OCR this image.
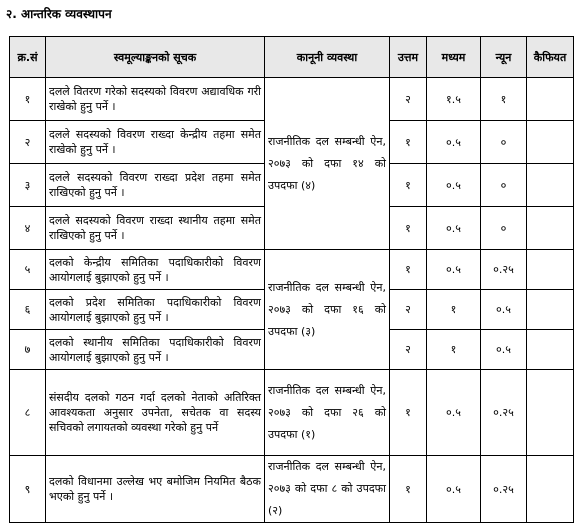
२. आन्तरिक व्यवस्थापन
क्र.सं	स्वमूल्याङ्कनको सूचक	कानूनी व्यवस्था	उत्तम	मध्यम	न्यून	कैफियत
१	दलले वितरण गरेको सदस्यको विवरण अद्यावधिक गरी राखेको हुनु पर्ने ।	राजनीतिक दल सम्बन्धी ऐन, २०७३ को दफा १४ को उपदफा (४)	२	१.५	१	
२	दलले सदस्यको विवरण राख्दा केन्द्रीय तहमा समेत राखेको हुनु पर्ने ।		१	०.५	०	
३	दलले सदस्यको विवरण राख्दा प्रदेश तहमा समेत राखिएको हुनु पर्ने ।		१	०.५	०	
४	दलले सदस्यको विवरण राख्दा स्थानीय तहमा समेत राखिएको हुनु पर्ने ।		१	०.५	०	
५	दलको केन्द्रीय समितिका पदाधिकारीको विवरण आयोगलाई बुझाएको हुनु पर्ने ।	राजनीतिक दल सम्बन्धी ऐन, २०७३ को दफा १६ को उपदफा (३)	१	०.५	०.२५	
६	दलको प्रदेश समितिका पदाधिकारीको विवरण आयोगलाई बुझाएको हुनु पर्ने ।		२	१	०.५	
७	दलको स्थानीय समितिका पदाधिकारीको विवरण आयोगलाई बुझाएको हुनु पर्ने ।		२	१	०.५	
८	संसदीय दलको गठन गर्दा दलको नेताको अतिरिक्त आवश्यकता अनुसार उपनेता, सचेतक वा सदस्य सचिवको लगायतको व्यवस्था गरेको हुनु पर्ने	राजनीतिक दल सम्बन्धी ऐन, २०७३ को दफा २६ को उपदफा (१)	१	०.५	०.२५	
९	दलको विधानमा उल्लेख भए बमोजिम नियमित बैठक भएको हुनु पर्ने ।	राजनीतिक दल सम्बन्धी ऐन, २०७३ को दफा ८ को उपदफा (२)	१	०.५	०.२५	
